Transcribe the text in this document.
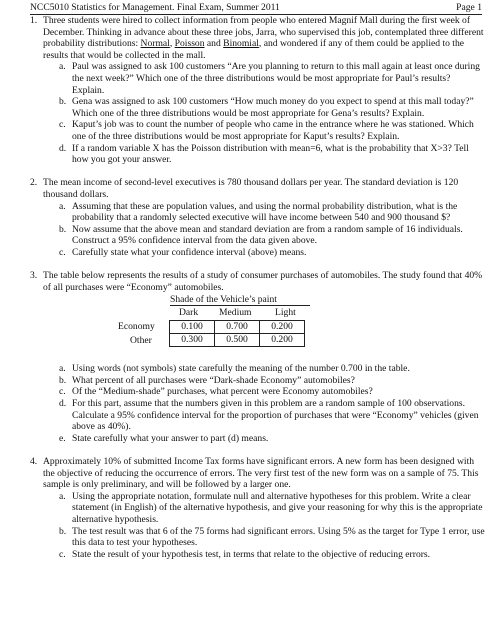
NCC5010 Statistics for Management. Final Exam, Summer 2011	Page 1
1. Three students were hired to collect information from people who entered Magnif Mall during the first week of December. Thinking in advance about these three jobs, Jarra, who supervised this job, contemplated three different probability distributions: Normal, Poisson and Binomial, and wondered if any of them could be applied to the results that would be collected in the mall.

a. Paul was assigned to ask 100 customers “Are you planning to return to this mall again at least once during the next week?” Which one of the three distributions would be most appropriate for Paul’s results? Explain.
b. Gena was assigned to ask 100 customers “How much money do you expect to spend at this mall today?” Which one of the three distributions would be most appropriate for Gena’s results? Explain.
c. Kaput’s job was to count the number of people who came in the entrance where he was stationed. Which one of the three distributions would be most appropriate for Kaput’s results? Explain.
d. If a random variable X has the Poisson distribution with mean=6, what is the probability that X>3? Tell how you got your answer.
2. The mean income of second-level executives is 780 thousand dollars per year. The standard deviation is 120 thousand dollars.

a. Assuming that these are population values, and using the normal probability distribution, what is the probability that a randomly selected executive will have income between 540 and 900 thousand $?
b. Now assume that the above mean and standard deviation are from a random sample of 16 individuals. Construct a 95% confidence interval from the data given above.
c. Carefully state what your confidence interval (above) means.
3. The table below represents the results of a study of consumer purchases of automobiles. The study found that 40% of all purchases were “Economy” automobiles.

Shade of the Vehicle’s paint
Dark Medium Light
Economy	0.100	0.700	0.200
Other	0.300	0.500	0.200
a. Using words (not symbols) state carefully the meaning of the number 0.700 in the table.
b. What percent of all purchases were “Dark-shade Economy” automobiles?
c. Of the “Medium-shade” purchases, what percent were Economy automobiles?
d. For this part, assume that the numbers given in this problem are a random sample of 100 observations. Calculate a 95% confidence interval for the proportion of purchases that were “Economy” vehicles (given above as 40%).
e. State carefully what your answer to part (d) means.
4. Approximately 10% of submitted Income Tax forms have significant errors. A new form has been designed with the objective of reducing the occurrence of errors. The very first test of the new form was on a sample of 75. This sample is only preliminary, and will be followed by a larger one.

a. Using the appropriate notation, formulate null and alternative hypotheses for this problem. Write a clear statement (in English) of the alternative hypothesis, and give your reasoning for why this is the appropriate alternative hypothesis.
b. The test result was that 6 of the 75 forms had significant errors. Using 5% as the target for Type 1 error, use this data to test your hypotheses.
c. State the result of your hypothesis test, in terms that relate to the objective of reducing errors.
